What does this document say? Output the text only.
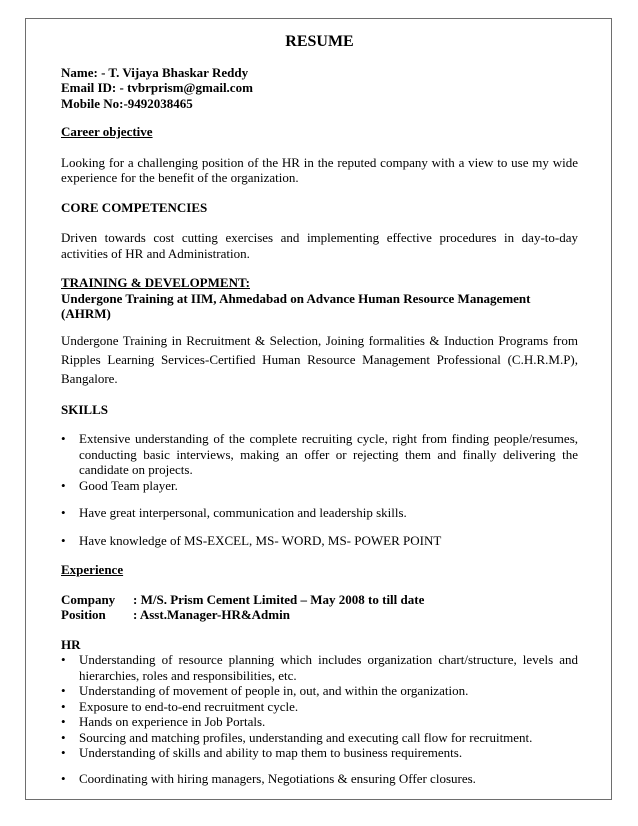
RESUME
Name: - T. Vijaya Bhaskar Reddy
Email ID: - tvbrprism@gmail.com
Mobile No:-9492038465
Career objective

Looking for a challenging position of the HR in the reputed company with a view to use my wide experience for the benefit of the organization.

CORE COMPETENCIES

Driven towards cost cutting exercises and implementing effective procedures in day-to-day activities of HR and Administration.

TRAINING & DEVELOPMENT:
Undergone Training at IIM, Ahmedabad on Advance Human Resource Management (AHRM)

Undergone Training in Recruitment & Selection, Joining formalities & Induction Programs from Ripples Learning Services-Certified Human Resource Management Professional (C.H.R.M.P), Bangalore.

SKILLS
• Extensive understanding of the complete recruiting cycle, right from finding people/resumes, conducting basic interviews, making an offer or rejecting them and finally delivering the candidate on projects.
• Good Team player.
• Have great interpersonal, communication and leadership skills.
• Have knowledge of MS-EXCEL, MS- WORD, MS- POWER POINT
Experience
Company	: M/S. Prism Cement Limited – May 2008 to till date
Position	: Asst.Manager-HR&Admin
HR
• Understanding of resource planning which includes organization chart/structure, levels and hierarchies, roles and responsibilities, etc.
• Understanding of movement of people in, out, and within the organization.
• Exposure to end-to-end recruitment cycle.
• Hands on experience in Job Portals.
• Sourcing and matching profiles, understanding and executing call flow for recruitment.
• Understanding of skills and ability to map them to business requirements.
• Coordinating with hiring managers, Negotiations & ensuring Offer closures.
